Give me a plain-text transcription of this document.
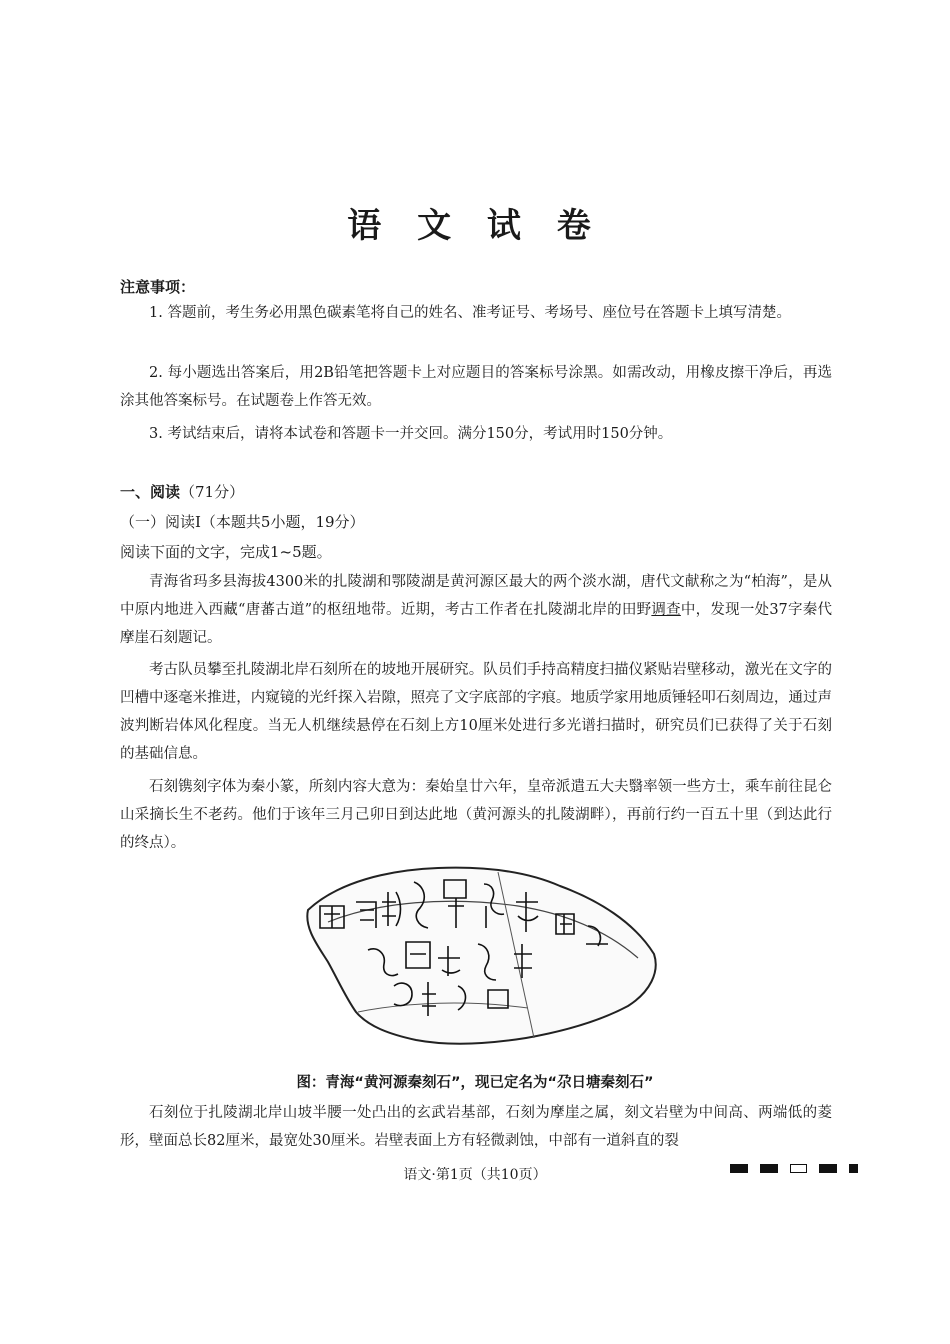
语 文 试 卷
注意事项：
1. 答题前，考生务必用黑色碳素笔将自己的姓名、准考证号、考场号、座位号在答题卡上填写清楚。
2. 每小题选出答案后，用2B铅笔把答题卡上对应题目的答案标号涂黑。如需改动，用橡皮擦干净后，再选涂其他答案标号。在试题卷上作答无效。
3. 考试结束后，请将本试卷和答题卡一并交回。满分150分，考试用时150分钟。
一、阅读（71分）
（一）阅读Ⅰ（本题共5小题，19分）
阅读下面的文字，完成1~5题。
青海省玛多县海拔4300米的扎陵湖和鄂陵湖是黄河源区最大的两个淡水湖，唐代文献称之为“柏海”，是从中原内地进入西藏“唐蕃古道”的枢纽地带。近期，考古工作者在扎陵湖北岸的田野调查中，发现一处37字秦代摩崖石刻题记。
考古队员攀至扎陵湖北岸石刻所在的坡地开展研究。队员们手持高精度扫描仪紧贴岩壁移动，激光在文字的凹槽中逐毫米推进，内窥镜的光纤探入岩隙，照亮了文字底部的字痕。地质学家用地质锤轻叩石刻周边，通过声波判断岩体风化程度。当无人机继续悬停在石刻上方10厘米处进行多光谱扫描时，研究员们已获得了关于石刻的基础信息。
石刻镌刻字体为秦小篆，所刻内容大意为：秦始皇廿六年，皇帝派遣五大夫翳率领一些方士，乘车前往昆仑山采摘长生不老药。他们于该年三月己卯日到达此地（黄河源头的扎陵湖畔），再前行约一百五十里（到达此行的终点）。
图：青海“黄河源秦刻石”，现已定名为“尕日塘秦刻石”
石刻位于扎陵湖北岸山坡半腰一处凸出的玄武岩基部，石刻为摩崖之属，刻文岩壁为中间高、两端低的菱形，壁面总长82厘米，最宽处30厘米。岩壁表面上方有轻微剥蚀，中部有一道斜直的裂
语文·第1页（共10页）
